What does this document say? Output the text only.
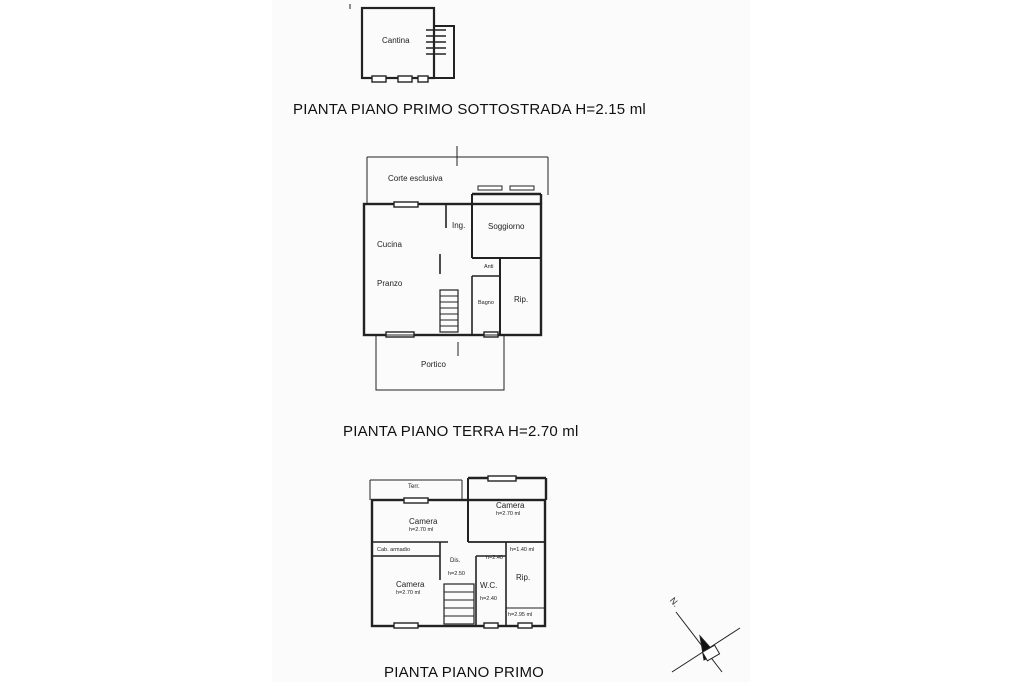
PIANTA PIANO PRIMO SOTTOSTRADA H=2.15 ml
PIANTA PIANO TERRA H=2.70 ml
PIANTA PIANO PRIMO
Cantina
Corte esclusiva
Cucina
Ing.	Soggiorno
Anti
Pranzo
Bagno	Rip.
Portico
Terr.
Camera
h=2.70 ml
Camera
h=2.70 ml
Cab. armadio
h=2.40
h=1.40 ml
Dis.
h=2.50
Camera
h=2.70 ml
W.C.
Rip.
h=2.40
h=2.95 ml
N.
